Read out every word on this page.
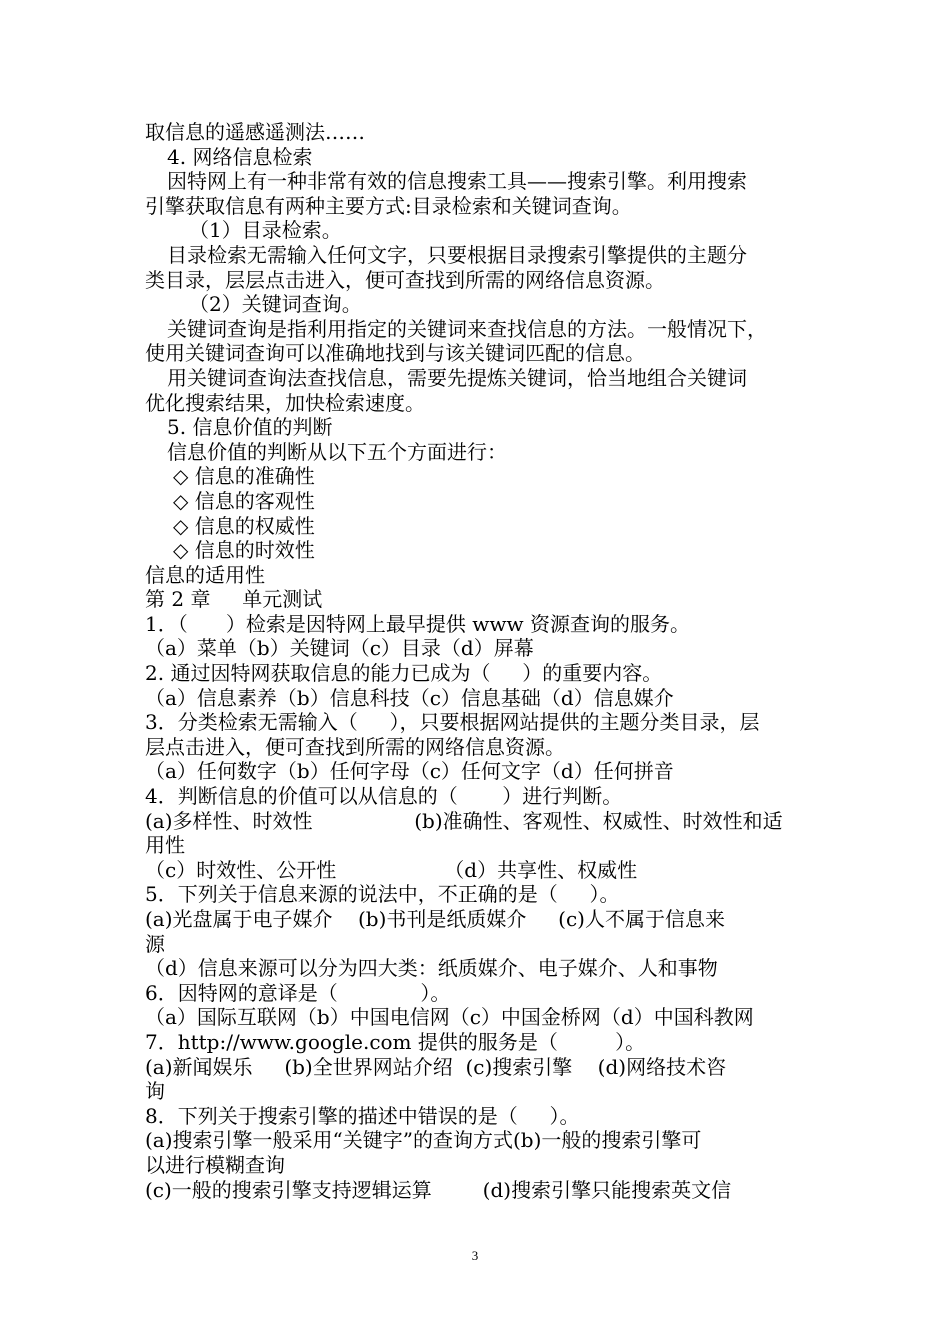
取信息的遥感遥测法……
4. 网络信息检索
因特网上有一种非常有效的信息搜索工具——搜索引擎。利用搜索
引擎获取信息有两种主要方式:目录检索和关键词查询。
（1）目录检索。
目录检索无需输入任何文字，只要根据目录搜索引擎提供的主题分
类目录，层层点击进入，便可查找到所需的网络信息资源。
（2）关键词查询。
关键词查询是指利用指定的关键词来查找信息的方法。一般情况下，
使用关键词查询可以准确地找到与该关键词匹配的信息。
用关键词查询法查找信息，需要先提炼关键词，恰当地组合关键词
优化搜索结果，加快检索速度。
5. 信息价值的判断
信息价值的判断从以下五个方面进行：
◇ 信息的准确性
◇ 信息的客观性
◇ 信息的权威性
◇ 信息的时效性
信息的适用性
第 2 章     单元测试
1．（      ）检索是因特网上最早提供 www 资源查询的服务。
（a）菜单（b）关键词（c）目录（d）屏幕
2. 通过因特网获取信息的能力已成为（     ）的重要内容。
（a）信息素养（b）信息科技（c）信息基础（d）信息媒介
3．分类检索无需输入（     ），只要根据网站提供的主题分类目录，层
层点击进入，便可查找到所需的网络信息资源。
（a）任何数字（b）任何字母（c）任何文字（d）任何拼音
4．判断信息的价值可以从信息的（       ）进行判断。
(a)多样性、时效性                (b)准确性、客观性、权威性、时效性和适
用性
（c）时效性、公开性                 （d）共享性、权威性
5．下列关于信息来源的说法中，不正确的是（     ）。
(a)光盘属于电子媒介    (b)书刊是纸质媒介     (c)人不属于信息来
源
（d）信息来源可以分为四大类：纸质媒介、电子媒介、人和事物
6．因特网的意译是（             ）。
（a）国际互联网（b）中国电信网（c）中国金桥网（d）中国科教网
7．http://www.google.com 提供的服务是（         ）。
(a)新闻娱乐     (b)全世界网站介绍  (c)搜索引擎    (d)网络技术咨
询
8．下列关于搜索引擎的描述中错误的是（     ）。
(a)搜索引擎一般采用“关键字”的查询方式(b)一般的搜索引擎可
以进行模糊查询
(c)一般的搜索引擎支持逻辑运算        (d)搜索引擎只能搜索英文信
3
